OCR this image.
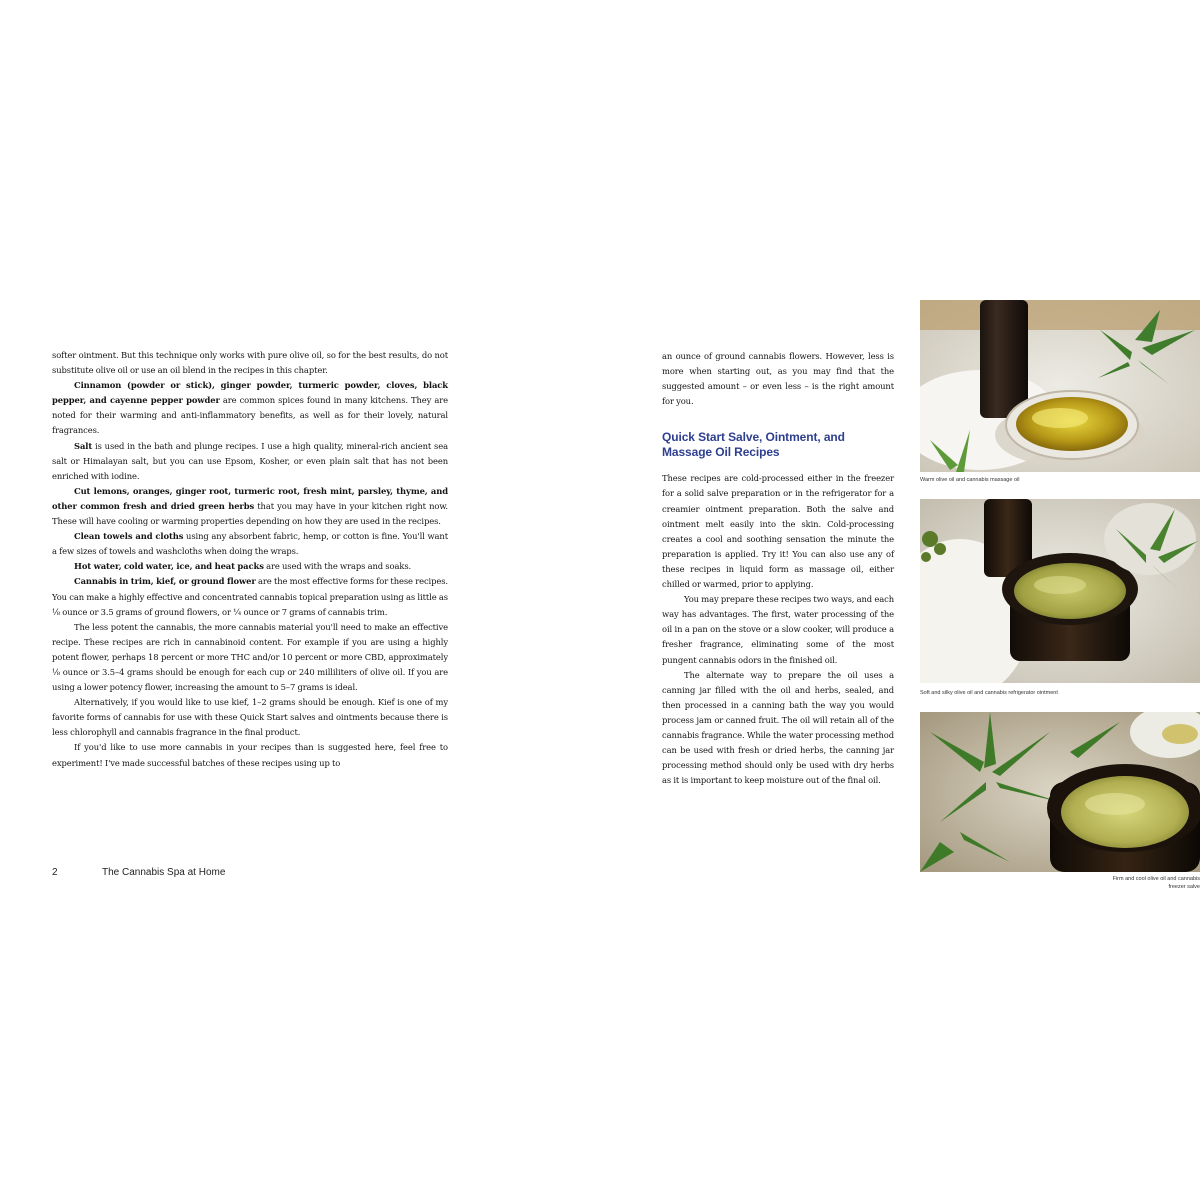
softer ointment. But this technique only works with pure olive oil, so for the best results, do not substitute olive oil or use an oil blend in the recipes in this chapter.

Cinnamon (powder or stick), ginger powder, turmeric powder, cloves, black pepper, and cayenne pepper powder are common spices found in many kitchens. They are noted for their warming and anti-inflammatory benefits, as well as for their lovely, natural fragrances.

Salt is used in the bath and plunge recipes. I use a high quality, mineral-rich ancient sea salt or Himalayan salt, but you can use Epsom, Kosher, or even plain salt that has not been enriched with iodine.

Cut lemons, oranges, ginger root, turmeric root, fresh mint, parsley, thyme, and other common fresh and dried green herbs that you may have in your kitchen right now. These will have cooling or warming properties depending on how they are used in the recipes.

Clean towels and cloths using any absorbent fabric, hemp, or cotton is fine. You'll want a few sizes of towels and washcloths when doing the wraps.

Hot water, cold water, ice, and heat packs are used with the wraps and soaks.

Cannabis in trim, kief, or ground flower are the most effective forms for these recipes. You can make a highly effective and concentrated cannabis topical preparation using as little as ⅛ ounce or 3.5 grams of ground flowers, or ¼ ounce or 7 grams of cannabis trim.

The less potent the cannabis, the more cannabis material you'll need to make an effective recipe. These recipes are rich in cannabinoid content. For example if you are using a highly potent flower, perhaps 18 percent or more THC and/or 10 percent or more CBD, approximately ⅛ ounce or 3.5–4 grams should be enough for each cup or 240 milliliters of olive oil. If you are using a lower potency flower, increasing the amount to 5–7 grams is ideal.

Alternatively, if you would like to use kief, 1–2 grams should be enough. Kief is one of my favorite forms of cannabis for use with these Quick Start salves and ointments because there is less chlorophyll and cannabis fragrance in the final product.

If you'd like to use more cannabis in your recipes than is suggested here, feel free to experiment! I've made successful batches of these recipes using up to

2	The Cannabis Spa at Home

an ounce of ground cannabis flowers. However, less is more when starting out, as you may find that the suggested amount – or even less – is the right amount for you.

Quick Start Salve, Ointment, and Massage Oil Recipes

These recipes are cold-processed either in the freezer for a solid salve preparation or in the refrigerator for a creamier ointment preparation. Both the salve and ointment melt easily into the skin. Cold-processing creates a cool and soothing sensation the minute the preparation is applied. Try it! You can also use any of these recipes in liquid form as massage oil, either chilled or warmed, prior to applying.

You may prepare these recipes two ways, and each way has advantages. The first, water processing of the oil in a pan on the stove or a slow cooker, will produce a fresher fragrance, eliminating some of the most pungent cannabis odors in the finished oil.

The alternate way to prepare the oil uses a canning jar filled with the oil and herbs, sealed, and then processed in a canning bath the way you would process jam or canned fruit. The oil will retain all of the cannabis fragrance. While the water processing method can be used with fresh or dried herbs, the canning jar processing method should only be used with dry herbs as it is important to keep moisture out of the final oil.

Warm olive oil and cannabis massage oil
Soft and silky olive oil and cannabis refrigerator ointment
Firm and cool olive oil and cannabis freezer salve
